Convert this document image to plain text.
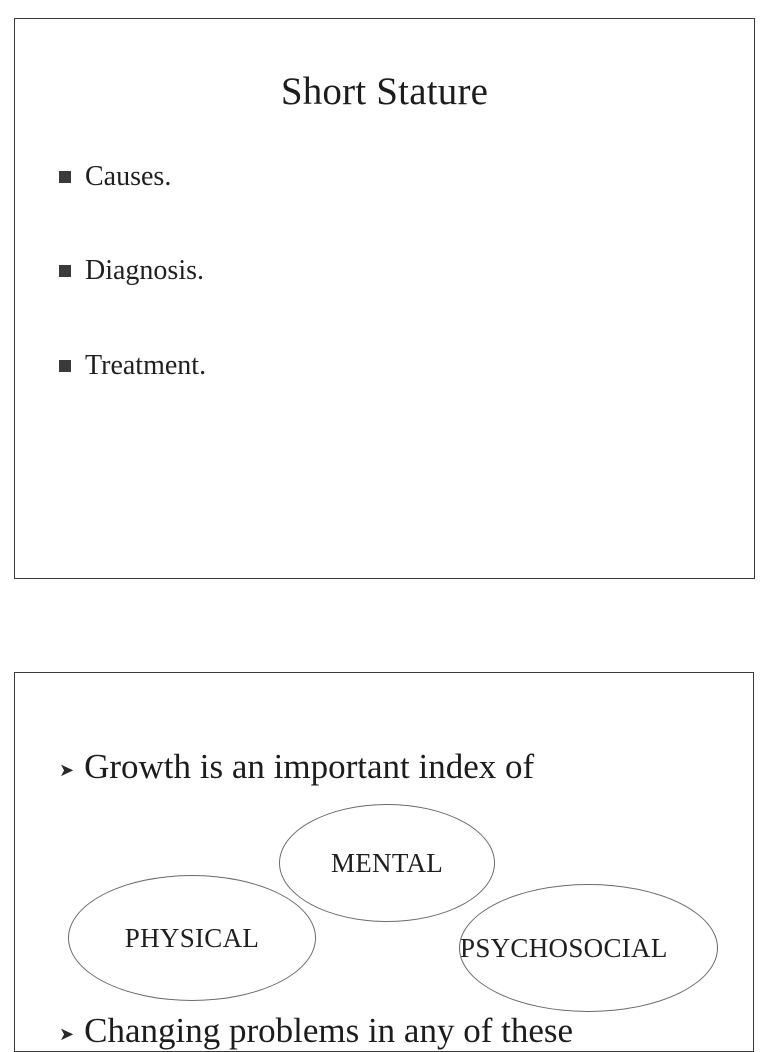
Short Stature
Causes.
Diagnosis.
Treatment.
➤ Growth is an important index of
MENTAL
PHYSICAL	PSYCHOSOCIAL
➤ Changing problems in any of these
